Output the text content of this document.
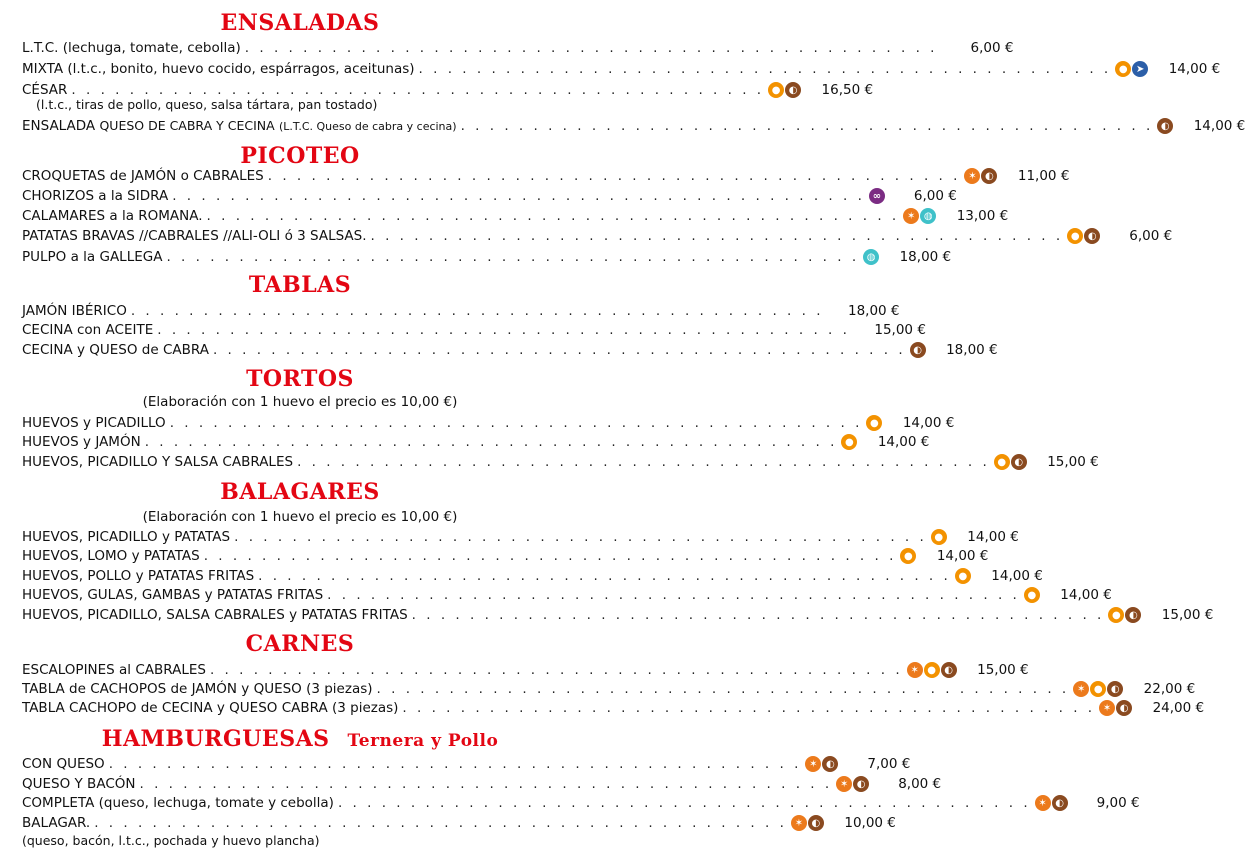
ENSALADAS
L.T.C. (lechuga, tomate, cebolla) . . . . . . . . . . . . . . . . . . . . . . . . . . . . . . . . . . . . . . . . . . . . . . . .	6,00 €
MIXTA (l.t.c., bonito, huevo cocido, espárragos, aceitunas) . . . . . . . . . . . . . . . . . . . . . . . . . . . . . . . . . . . . . . . . . . . . . . . . ● ➤	14,00 €
CÉSAR . . . . . . . . . . . . . . . . . . . . . . . . . . . . . . . . . . . . . . . . . . . . . . . . ● ◐	16,50 €
(l.t.c., tiras de pollo, queso, salsa tártara, pan tostado)
ENSALADA QUESO DE CABRA Y CECINA (L.T.C. Queso de cabra y cecina) . . . . . . . . . . . . . . . . . . . . . . . . . . . . . . . . . . . . . . . . . . . . . . . . ◐	14,00 €
PICOTEO
CROQUETAS de JAMÓN o CABRALES . . . . . . . . . . . . . . . . . . . . . . . . . . . . . . . . . . . . . . . . . . . . . . . . ✶ ◐	11,00 €
CHORIZOS a la SIDRA . . . . . . . . . . . . . . . . . . . . . . . . . . . . . . . . . . . . . . . . . . . . . . . . ∞	6,00 €
CALAMARES a la ROMANA. . . . . . . . . . . . . . . . . . . . . . . . . . . . . . . . . . . . . . . . . . . . . . . . . ✶ ◍	13,00 €
PATATAS BRAVAS //CABRALES //ALI-OLI ó 3 SALSAS. . . . . . . . . . . . . . . . . . . . . . . . . . . . . . . . . . . . . . . . . . . . . . . . . ● ◐	6,00 €
PULPO a la GALLEGA . . . . . . . . . . . . . . . . . . . . . . . . . . . . . . . . . . . . . . . . . . . . . . . . ◍	18,00 €
TABLAS
JAMÓN IBÉRICO . . . . . . . . . . . . . . . . . . . . . . . . . . . . . . . . . . . . . . . . . . . . . . . .	18,00 €
CECINA con ACEITE . . . . . . . . . . . . . . . . . . . . . . . . . . . . . . . . . . . . . . . . . . . . . . . .	15,00 €
CECINA y QUESO de CABRA . . . . . . . . . . . . . . . . . . . . . . . . . . . . . . . . . . . . . . . . . . . . . . . . ◐	18,00 €
TORTOS
(Elaboración con 1 huevo el precio es 10,00 €)
HUEVOS y PICADILLO . . . . . . . . . . . . . . . . . . . . . . . . . . . . . . . . . . . . . . . . . . . . . . . . ●	14,00 €
HUEVOS y JAMÓN . . . . . . . . . . . . . . . . . . . . . . . . . . . . . . . . . . . . . . . . . . . . . . . . ●	14,00 €
HUEVOS, PICADILLO Y SALSA CABRALES . . . . . . . . . . . . . . . . . . . . . . . . . . . . . . . . . . . . . . . . . . . . . . . . ● ◐	15,00 €
BALAGARES
(Elaboración con 1 huevo el precio es 10,00 €)
HUEVOS, PICADILLO y PATATAS . . . . . . . . . . . . . . . . . . . . . . . . . . . . . . . . . . . . . . . . . . . . . . . . ●	14,00 €
HUEVOS, LOMO y PATATAS . . . . . . . . . . . . . . . . . . . . . . . . . . . . . . . . . . . . . . . . . . . . . . . . ●	14,00 €
HUEVOS, POLLO y PATATAS FRITAS . . . . . . . . . . . . . . . . . . . . . . . . . . . . . . . . . . . . . . . . . . . . . . . . ●	14,00 €
HUEVOS, GULAS, GAMBAS y PATATAS FRITAS . . . . . . . . . . . . . . . . . . . . . . . . . . . . . . . . . . . . . . . . . . . . . . . . ●	14,00 €
HUEVOS, PICADILLO, SALSA CABRALES y PATATAS FRITAS . . . . . . . . . . . . . . . . . . . . . . . . . . . . . . . . . . . . . . . . . . . . . . . . ● ◐	15,00 €
CARNES
ESCALOPINES al CABRALES . . . . . . . . . . . . . . . . . . . . . . . . . . . . . . . . . . . . . . . . . . . . . . . . ✶ ● ◐	15,00 €
TABLA de CACHOPOS de JAMÓN y QUESO (3 piezas) . . . . . . . . . . . . . . . . . . . . . . . . . . . . . . . . . . . . . . . . . . . . . . . . ✶ ● ◐	22,00 €
TABLA CACHOPO de CECINA y QUESO CABRA (3 piezas) . . . . . . . . . . . . . . . . . . . . . . . . . . . . . . . . . . . . . . . . . . . . . . . . ✶ ◐	24,00 €
HAMBURGUESAS Ternera y Pollo
CON QUESO . . . . . . . . . . . . . . . . . . . . . . . . . . . . . . . . . . . . . . . . . . . . . . . . ✶ ◐	7,00 €
QUESO Y BACÓN . . . . . . . . . . . . . . . . . . . . . . . . . . . . . . . . . . . . . . . . . . . . . . . . ✶ ◐	8,00 €
COMPLETA (queso, lechuga, tomate y cebolla) . . . . . . . . . . . . . . . . . . . . . . . . . . . . . . . . . . . . . . . . . . . . . . . . ✶ ◐	9,00 €
BALAGAR. . . . . . . . . . . . . . . . . . . . . . . . . . . . . . . . . . . . . . . . . . . . . . . . . ✶ ◐	10,00 €
(queso, bacón, l.t.c., pochada y huevo plancha)
